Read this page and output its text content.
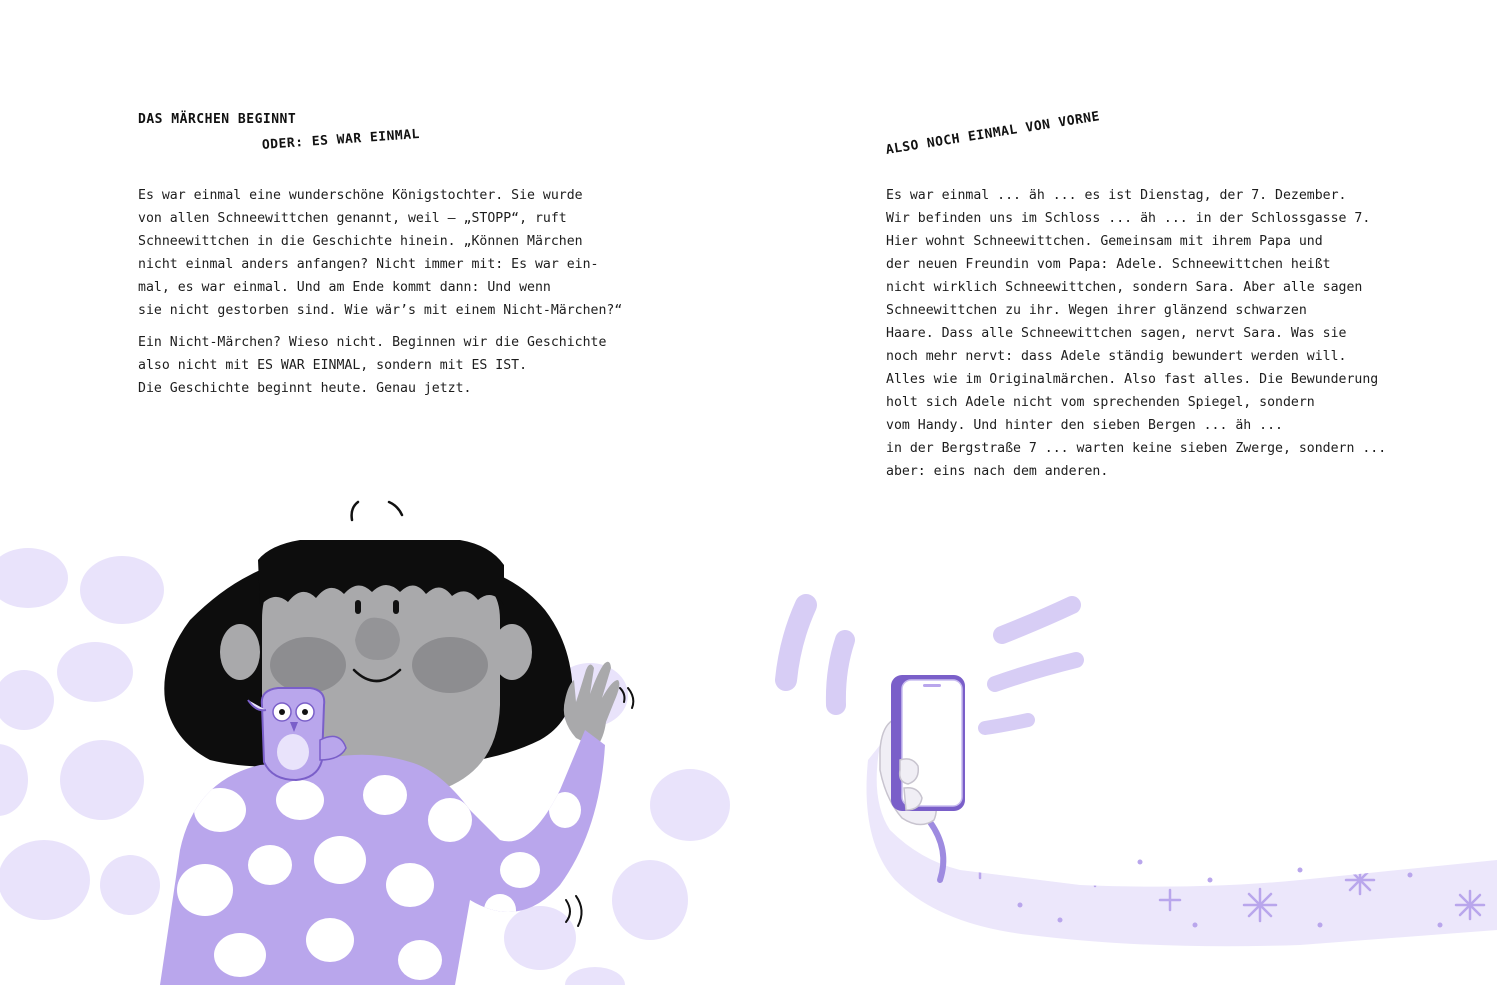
DAS MÄRCHEN BEGINNT
ODER: ES WAR EINMAL
Es war einmal eine wunderschöne Königstochter. Sie wurde
von allen Schneewittchen genannt, weil – „STOPP“, ruft
Schneewittchen in die Geschichte hinein. „Können Märchen
nicht einmal anders anfangen? Nicht immer mit: Es war ein-
mal, es war einmal. Und am Ende kommt dann: Und wenn
sie nicht gestorben sind. Wie wär’s mit einem Nicht-Märchen?“
Ein Nicht-Märchen? Wieso nicht. Beginnen wir die Geschichte
also nicht mit ES WAR EINMAL, sondern mit ES IST.
Die Geschichte beginnt heute. Genau jetzt.
ALSO NOCH EINMAL VON VORNE
Es war einmal ... äh ... es ist Dienstag, der 7. Dezember.
Wir befinden uns im Schloss ... äh ... in der Schlossgasse 7.
Hier wohnt Schneewittchen. Gemeinsam mit ihrem Papa und
der neuen Freundin vom Papa: Adele. Schneewittchen heißt
nicht wirklich Schneewittchen, sondern Sara. Aber alle sagen
Schneewittchen zu ihr. Wegen ihrer glänzend schwarzen
Haare. Dass alle Schneewittchen sagen, nervt Sara. Was sie
noch mehr nervt: dass Adele ständig bewundert werden will.
Alles wie im Originalmärchen. Also fast alles. Die Bewunderung
holt sich Adele nicht vom sprechenden Spiegel, sondern
vom Handy. Und hinter den sieben Bergen ... äh ...
in der Bergstraße 7 ... warten keine sieben Zwerge, sondern ...
aber: eins nach dem anderen.
